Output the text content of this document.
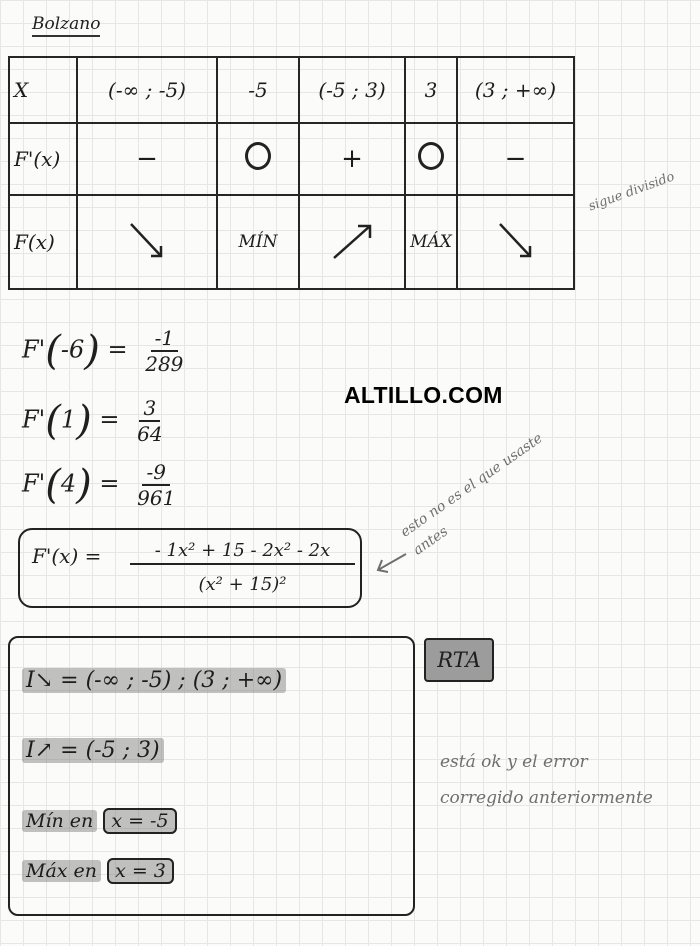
Bolzano
X	(-∞ ; -5)	-5	(-5 ; 3)	3	(3 ; +∞)
F'(x)	−		+		−
F(x)		MÍN		MÁX	
sigue divisido
$F'(-6) = \frac{-1}{289}$
$F'(1) = \frac{3}{64}$
$F'(4) = \frac{-9}{961}$
ALTILLO.COM
F'(x) =	- 1x² + 15 - 2x² - 2x
(x² + 15)²
esto no es el que usaste antes
I↘ = (-∞ ; -5) ; (3 ; +∞)
I↗ = (-5 ; 3)
Mín en x = -5
Máx en x = 3
RTA
está ok y el error corregido anteriormente
